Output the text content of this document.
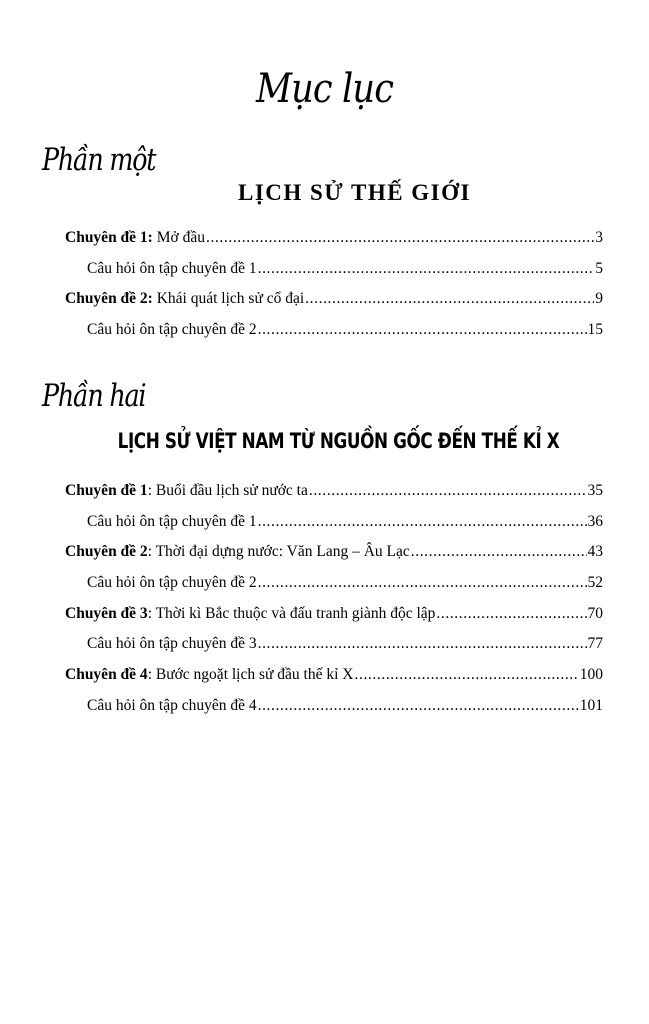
Mục lục
Phần một
LỊCH SỬ THẾ GIỚI
Chuyên đề 1: Mở đầu .....	3
Câu hỏi ôn tập chuyên đề 1 .....	5
Chuyên đề 2: Khái quát lịch sử cổ đại .....	9
Câu hỏi ôn tập chuyên đề 2 .....	15
Phần hai
LỊCH SỬ VIỆT NAM TỪ NGUỒN GỐC ĐẾN THẾ KỈ X
Chuyên đề 1: Buổi đầu lịch sử nước ta .....	35
Câu hỏi ôn tập chuyên đề 1 .....	36
Chuyên đề 2: Thời đại dựng nước: Văn Lang – Âu Lạc .....	43
Câu hỏi ôn tập chuyên đề 2 .....	52
Chuyên đề 3: Thời kì Bắc thuộc và đấu tranh giành độc lập .....	70
Câu hỏi ôn tập chuyên đề 3 .....	77
Chuyên đề 4: Bước ngoặt lịch sử đầu thế kỉ X .....	100
Câu hỏi ôn tập chuyên đề 4 .....	101
